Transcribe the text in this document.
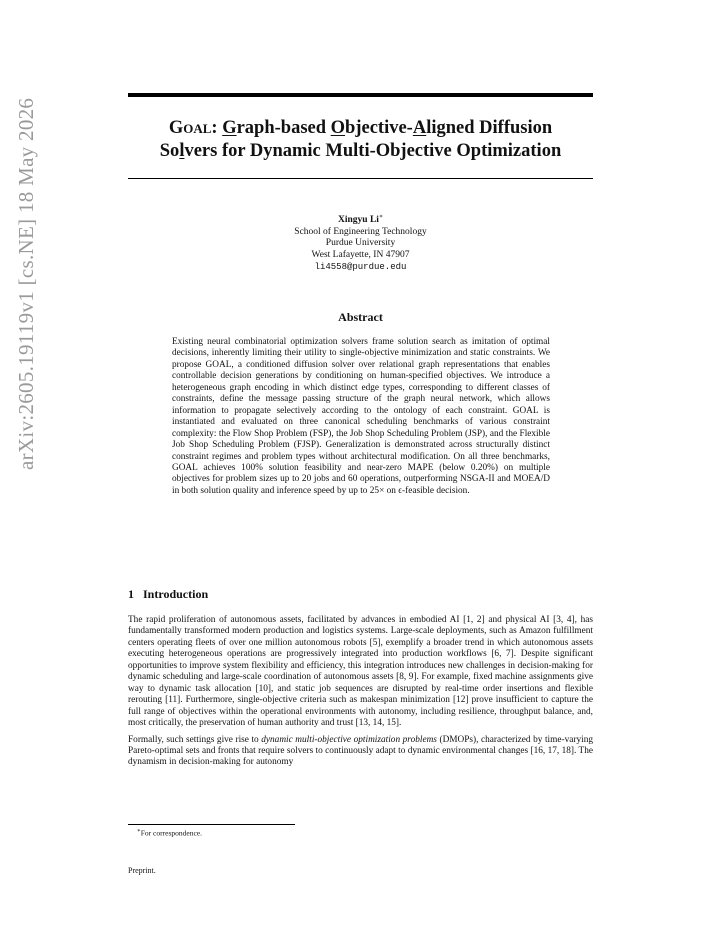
arXiv:2605.19119v1 [cs.NE] 18 May 2026	Goal: Graph-based Objective-Aligned Diffusion
Solvers for Dynamic Multi-Objective Optimization
Xingyu Li∗
School of Engineering Technology
Purdue University
West Lafayette, IN 47907
li4558@purdue.edu
Abstract
Existing neural combinatorial optimization solvers frame solution search as imitation of optimal decisions, inherently limiting their utility to single-objective minimization and static constraints. We propose GOAL, a conditioned diffusion solver over relational graph representations that enables controllable decision generations by conditioning on human-specified objectives. We introduce a heterogeneous graph encoding in which distinct edge types, corresponding to different classes of constraints, define the message passing structure of the graph neural network, which allows information to propagate selectively according to the ontology of each constraint. GOAL is instantiated and evaluated on three canonical scheduling benchmarks of various constraint complexity: the Flow Shop Problem (FSP), the Job Shop Scheduling Problem (JSP), and the Flexible Job Shop Scheduling Problem (FJSP). Generalization is demonstrated across structurally distinct constraint regimes and problem types without architectural modification. On all three benchmarks, GOAL achieves 100% solution feasibility and near-zero MAPE (below 0.20%) on multiple objectives for problem sizes up to 20 jobs and 60 operations, outperforming NSGA-II and MOEA/D in both solution quality and inference speed by up to 25× on ϵ-feasible decision.
1 Introduction

The rapid proliferation of autonomous assets, facilitated by advances in embodied AI [1, 2] and physical AI [3, 4], has fundamentally transformed modern production and logistics systems. Large-scale deployments, such as Amazon fulfillment centers operating fleets of over one million autonomous robots [5], exemplify a broader trend in which autonomous assets executing heterogeneous operations are progressively integrated into production workflows [6, 7]. Despite significant opportunities to improve system flexibility and efficiency, this integration introduces new challenges in decision-making for dynamic scheduling and large-scale coordination of autonomous assets [8, 9]. For example, fixed machine assignments give way to dynamic task allocation [10], and static job sequences are disrupted by real-time order insertions and flexible rerouting [11]. Furthermore, single-objective criteria such as makespan minimization [12] prove insufficient to capture the full range of objectives within the operational environments with autonomy, including resilience, throughput balance, and, most critically, the preservation of human authority and trust [13, 14, 15].

Formally, such settings give rise to dynamic multi-objective optimization problems (DMOPs), characterized by time-varying Pareto-optimal sets and fronts that require solvers to continuously adapt to dynamic environmental changes [16, 17, 18]. The dynamism in decision-making for autonomy

∗For correspondence.
Preprint.
